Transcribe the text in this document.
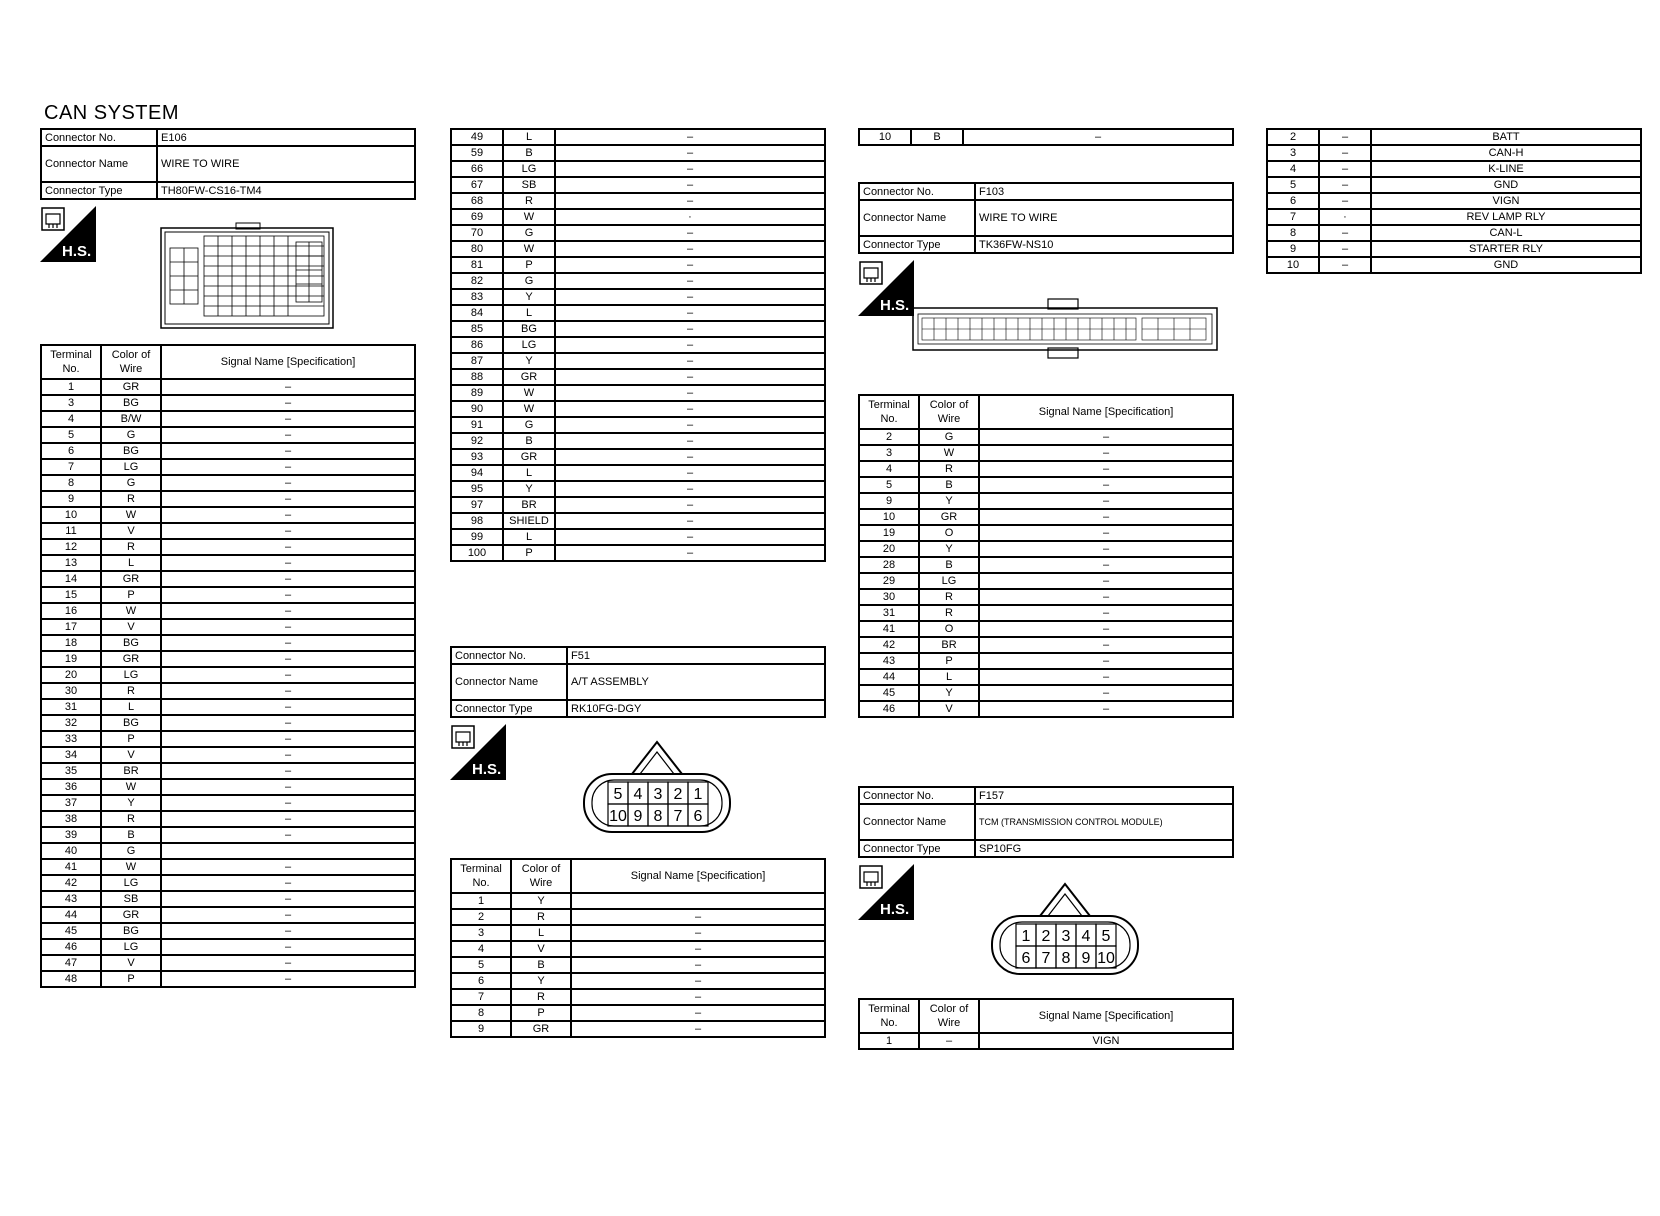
CAN SYSTEM
Connector No.	E106
Connector Name	WIRE TO WIRE
Connector Type	TH80FW-CS16-TM4
H.S.
Terminal No.	Color of Wire	Signal Name [Specification]
1	GR	–
3	BG	–
4	B/W	–
5	G	–
6	BG	–
7	LG	–
8	G	–
9	R	–
10	W	–
11	V	–
12	R	–
13	L	–
14	GR	–
15	P	–
16	W	–
17	V	–
18	BG	–
19	GR	–
20	LG	–
30	R	–
31	L	–
32	BG	–
33	P	–
34	V	–
35	BR	–
36	W	–
37	Y	–
38	R	–
39	B	–
40	G	
41	W	–
42	LG	–
43	SB	–
44	GR	–
45	BG	–
46	LG	–
47	V	–
48	P	–
49	L	–
59	B	–
66	LG	–
67	SB	–
68	R	–
69	W	·
70	G	–
80	W	–
81	P	–
82	G	–
83	Y	–
84	L	–
85	BG	–
86	LG	–
87	Y	–
88	GR	–
89	W	–
90	W	–
91	G	–
92	B	–
93	GR	–
94	L	–
95	Y	–
97	BR	–
98	SHIELD	–
99	L	–
100	P	–
Connector No.	F51
Connector Name	A/T ASSEMBLY
Connector Type	RK10FG-DGY
H.S.
5 4 3 2 1
10 9 8 7 6
Terminal No.	Color of Wire	Signal Name [Specification]
1	Y	
2	R	–
3	L	–
4	V	–
5	B	–
6	Y	–
7	R	–
8	P	–
9	GR	–
10	B	–
Connector No.	F103
Connector Name	WIRE TO WIRE
Connector Type	TK36FW-NS10
H.S.
Terminal No.	Color of Wire	Signal Name [Specification]
2	G	–
3	W	–
4	R	–
5	B	–
9	Y	–
10	GR	–
19	O	–
20	Y	–
28	B	–
29	LG	–
30	R	–
31	R	–
41	O	–
42	BR	–
43	P	–
44	L	–
45	Y	–
46	V	–
Connector No.	F157
Connector Name	TCM (TRANSMISSION CONTROL MODULE)
Connector Type	SP10FG
H.S.
1 2 3 4 5
6 7 8 9 10
Terminal No.	Color of Wire	Signal Name [Specification]
1	–	VIGN
2	–	BATT
3	–	CAN-H
4	–	K-LINE
5	–	GND
6	–	VIGN
7	·	REV LAMP RLY
8	–	CAN-L
9	–	STARTER RLY
10	–	GND
